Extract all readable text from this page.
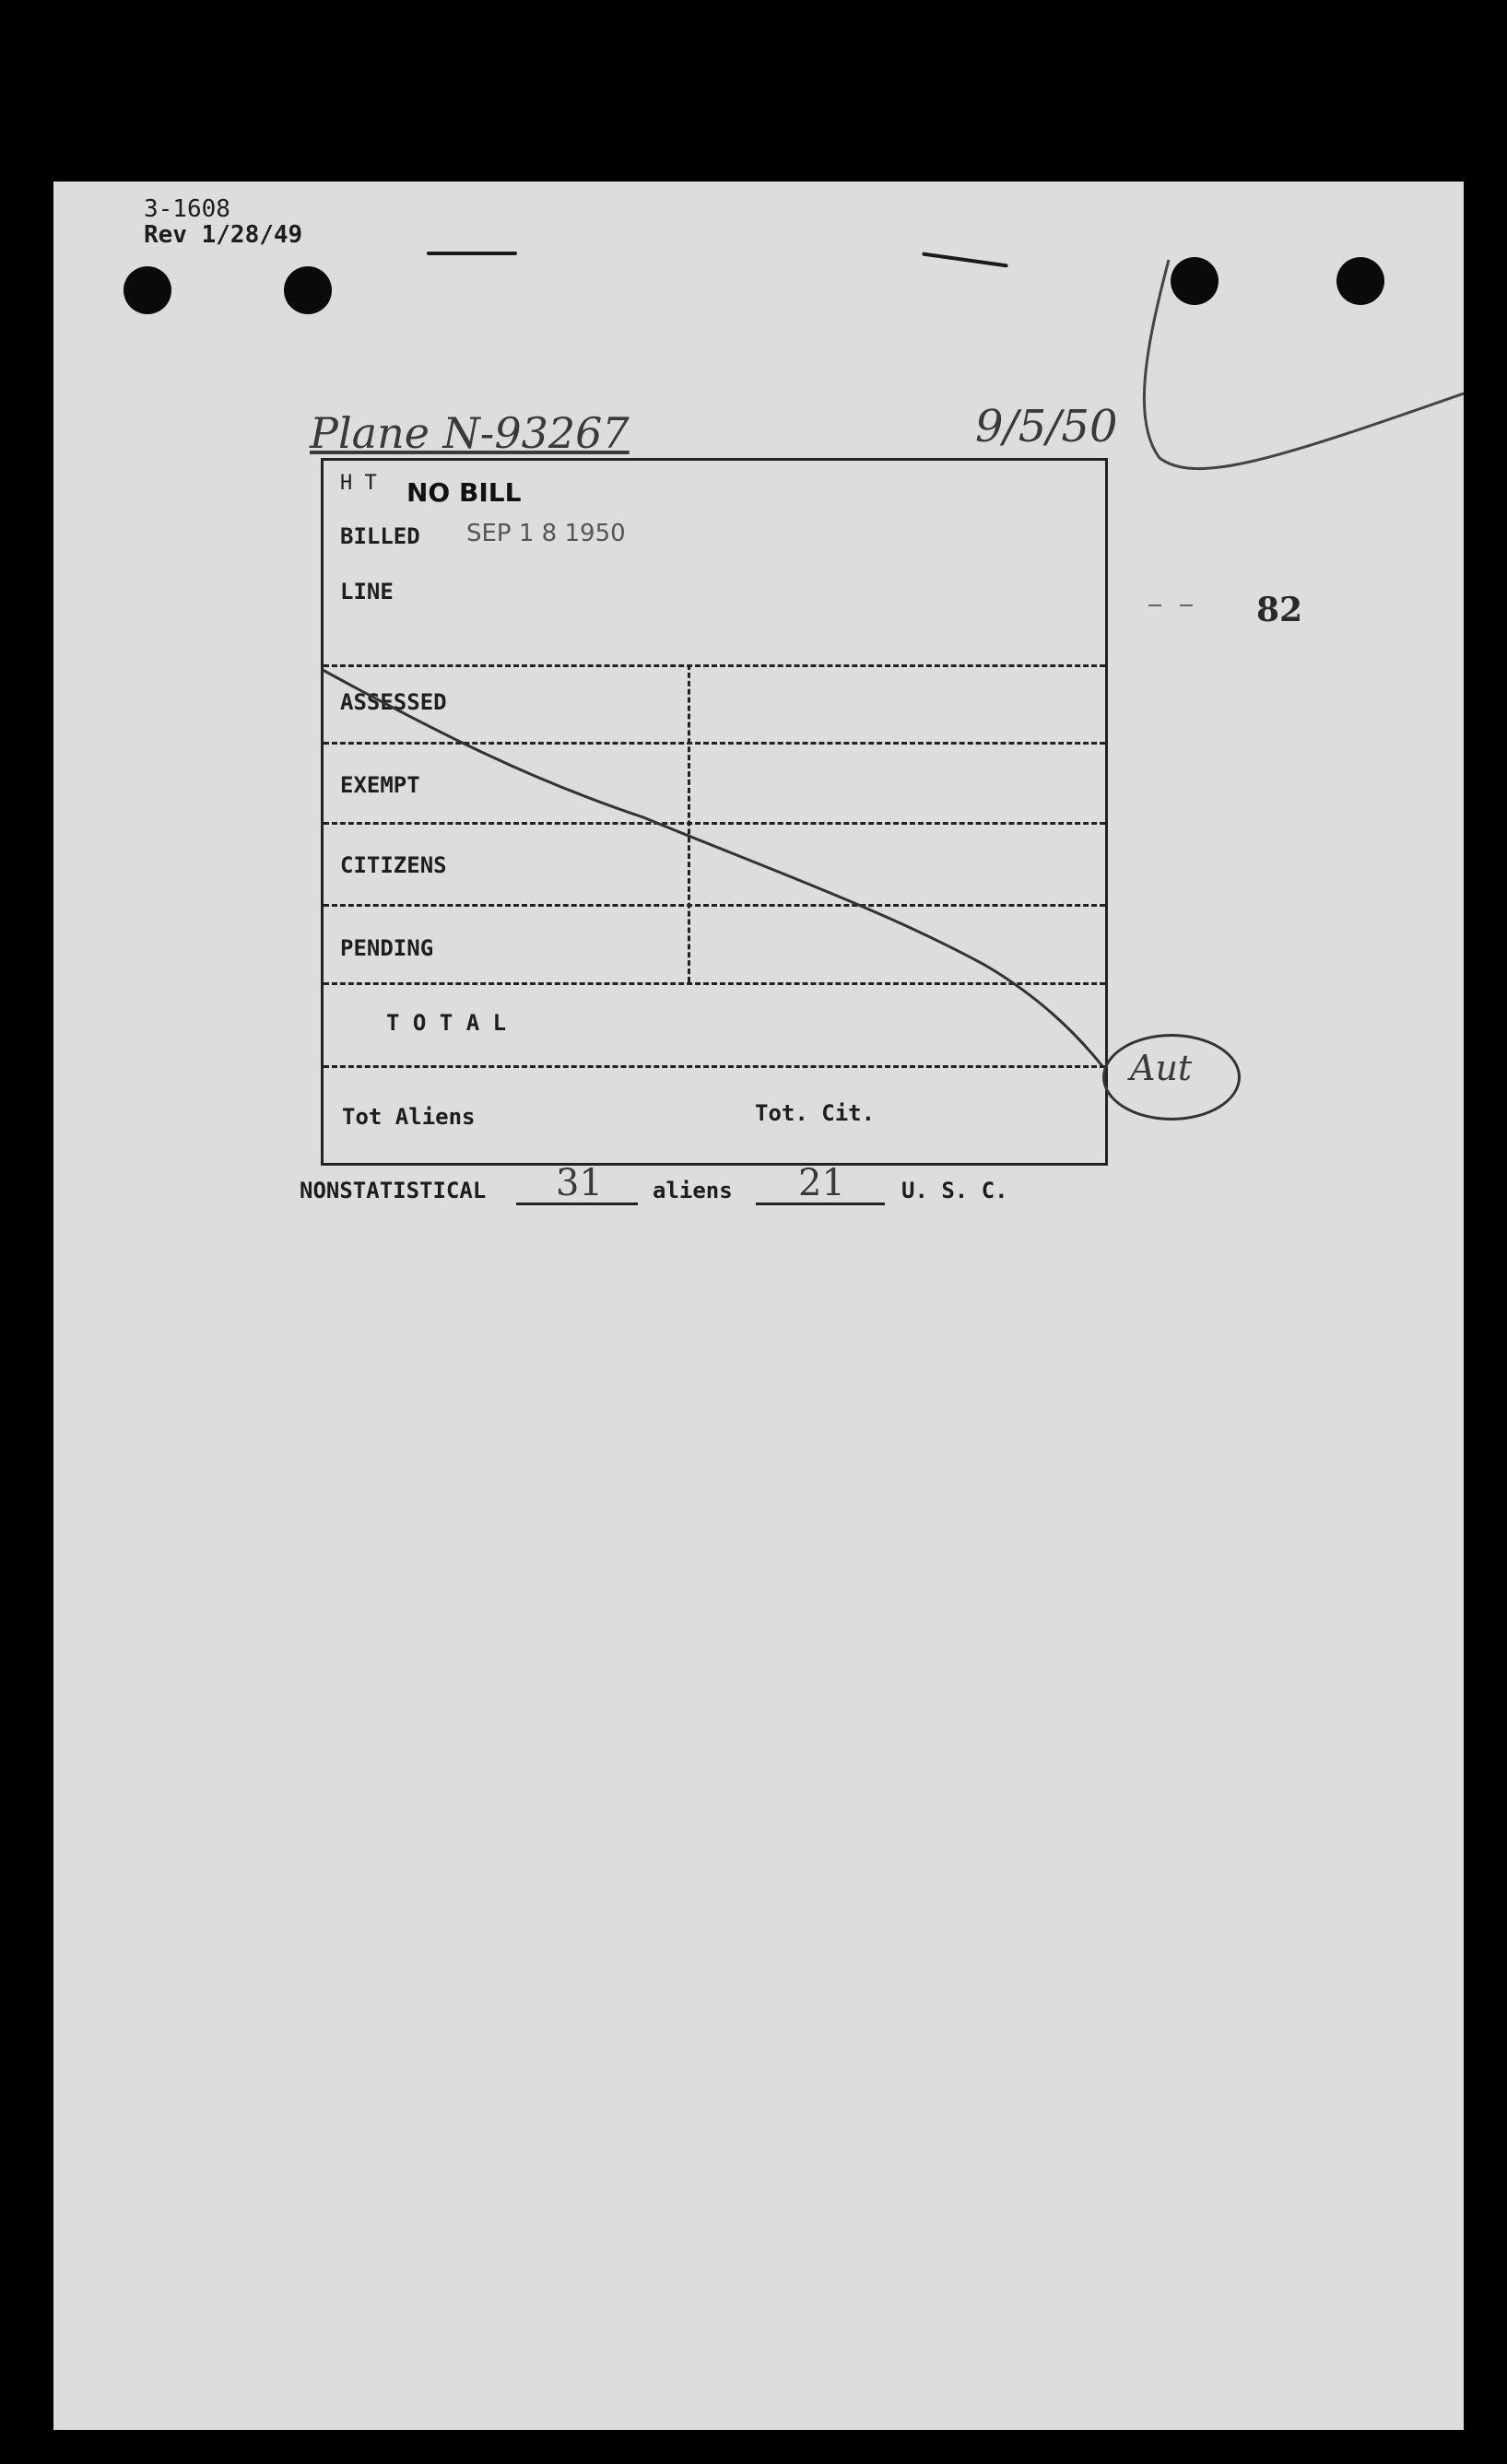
3-1608
Rev 1/28/49
Plane N-93267	9/5/50
82
H T NO BILL
BILLED SEP 1 8 1950
LINE
ASSESSED
EXEMPT
CITIZENS
PENDING
T O T A L
Tot Aliens	Tot. Cit.
NONSTATISTICAL 31 aliens 21	U. S. C.
Aut
